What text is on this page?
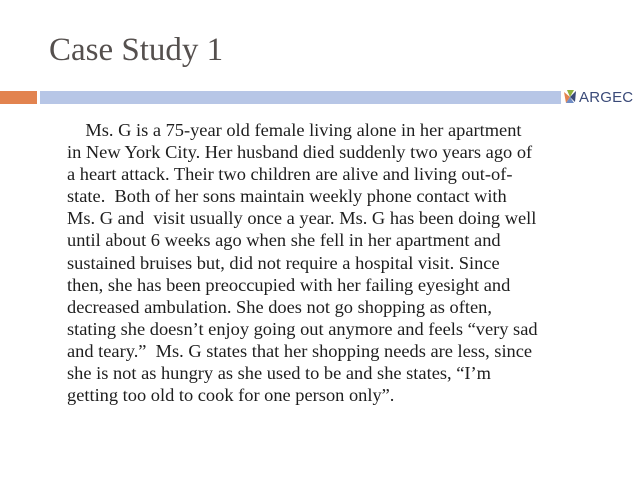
Case Study 1
ARGEC
Ms. G is a 75-year old female living alone in her apartment
in New York City. Her husband died suddenly two years ago of
a heart attack. Their two children are alive and living out-of-
state.  Both of her sons maintain weekly phone contact with
Ms. G and  visit usually once a year. Ms. G has been doing well
until about 6 weeks ago when she fell in her apartment and
sustained bruises but, did not require a hospital visit. Since
then, she has been preoccupied with her failing eyesight and
decreased ambulation. She does not go shopping as often,
stating she doesn’t enjoy going out anymore and feels “very sad
and teary.”  Ms. G states that her shopping needs are less, since
she is not as hungry as she used to be and she states, “I’m
getting too old to cook for one person only”.
